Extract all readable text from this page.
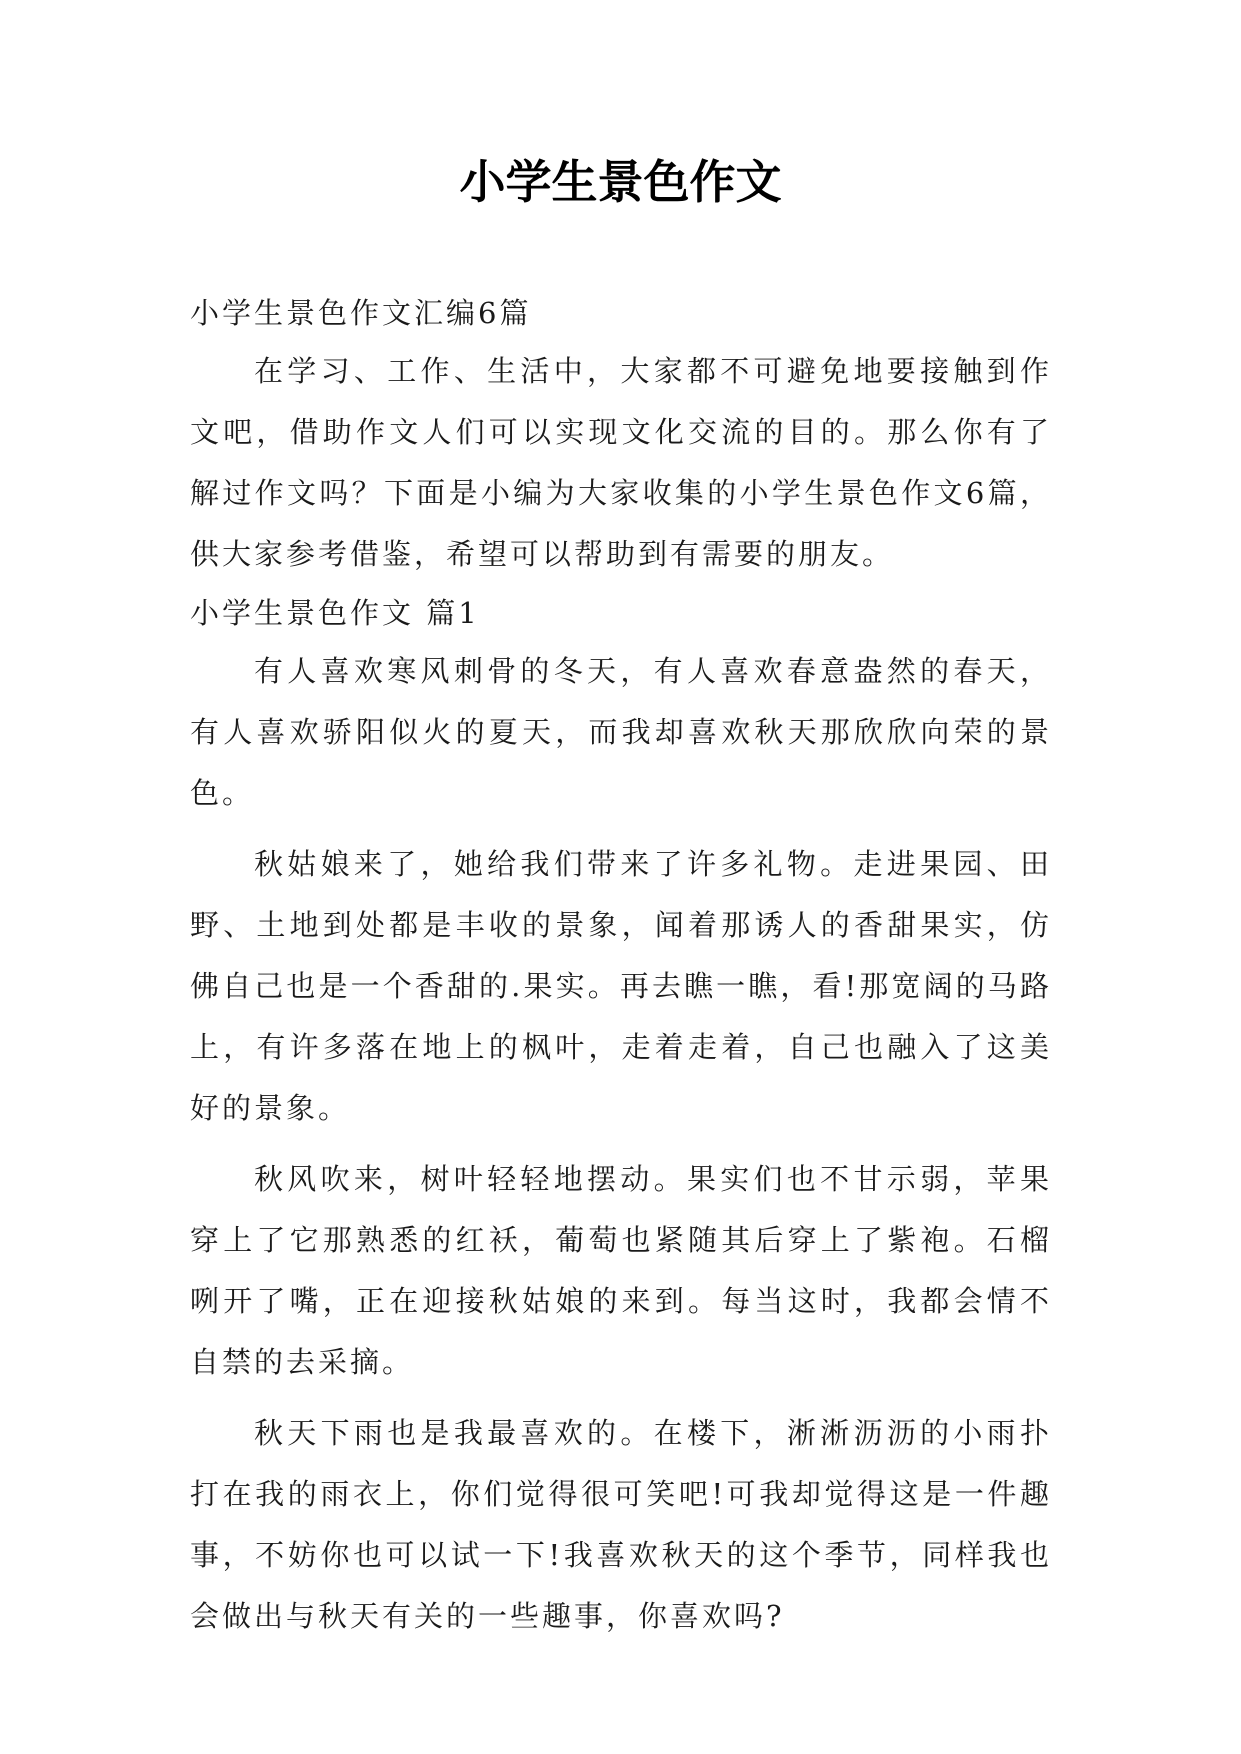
小学生景色作文

小学生景色作文汇编6篇

在学习、工作、生活中，大家都不可避免地要接触到作文吧，借助作文人们可以实现文化交流的目的。那么你有了解过作文吗？下面是小编为大家收集的小学生景色作文6篇，供大家参考借鉴，希望可以帮助到有需要的朋友。

小学生景色作文 篇1

有人喜欢寒风刺骨的冬天，有人喜欢春意盎然的春天，有人喜欢骄阳似火的夏天，而我却喜欢秋天那欣欣向荣的景色。

秋姑娘来了，她给我们带来了许多礼物。走进果园、田野、土地到处都是丰收的景象，闻着那诱人的香甜果实，仿佛自己也是一个香甜的.果实。再去瞧一瞧，看!那宽阔的马路上，有许多落在地上的枫叶，走着走着，自己也融入了这美好的景象。

秋风吹来，树叶轻轻地摆动。果实们也不甘示弱，苹果穿上了它那熟悉的红袄，葡萄也紧随其后穿上了紫袍。石榴咧开了嘴，正在迎接秋姑娘的来到。每当这时，我都会情不自禁的去采摘。

秋天下雨也是我最喜欢的。在楼下，淅淅沥沥的小雨扑打在我的雨衣上，你们觉得很可笑吧!可我却觉得这是一件趣事，不妨你也可以试一下!我喜欢秋天的这个季节，同样我也会做出与秋天有关的一些趣事，你喜欢吗?
